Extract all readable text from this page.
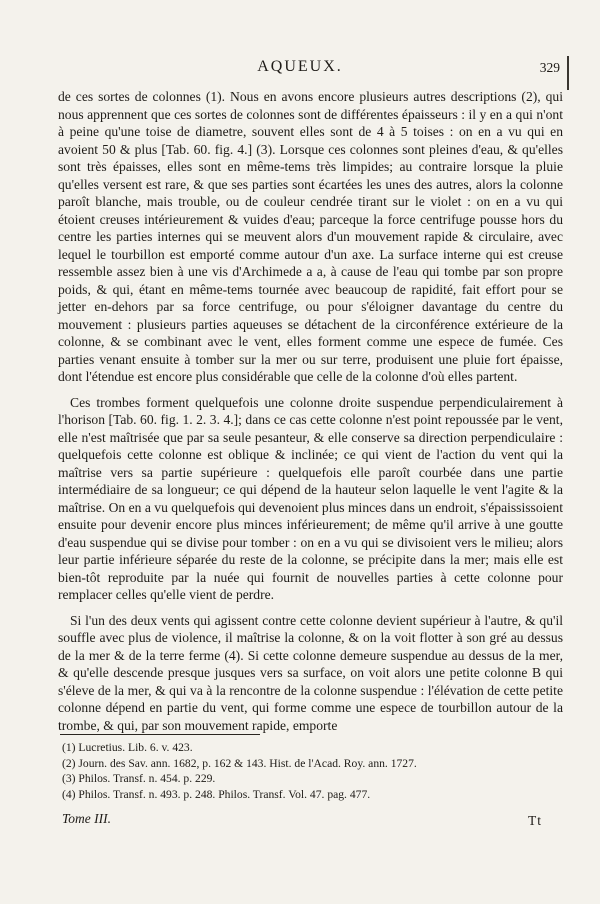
AQUEUX.	329

de ces sortes de colonnes (1). Nous en avons encore plusieurs autres descriptions (2), qui nous apprennent que ces sortes de colonnes sont de différentes épaisseurs : il y en a qui n'ont à peine qu'une toise de diametre, souvent elles sont de 4 à 5 toises : on en a vu qui en avoient 50 & plus [Tab. 60. fig. 4.] (3). Lorsque ces colonnes sont pleines d'eau, & qu'elles sont très épaisses, elles sont en même-tems très limpides; au contraire lorsque la pluie qu'elles versent est rare, & que ses parties sont écartées les unes des autres, alors la colonne paroît blanche, mais trouble, ou de couleur cendrée tirant sur le violet : on en a vu qui étoient creuses intérieurement & vuides d'eau; parceque la force centrifuge pousse hors du centre les parties internes qui se meuvent alors d'un mouvement rapide & circulaire, avec lequel le tourbillon est emporté comme autour d'un axe. La surface interne qui est creuse ressemble assez bien à une vis d'Archimede a a, à cause de l'eau qui tombe par son propre poids, & qui, étant en même-tems tournée avec beaucoup de rapidité, fait effort pour se jetter en-dehors par sa force centrifuge, ou pour s'éloigner davantage du centre du mouvement : plusieurs parties aqueuses se détachent de la circonférence extérieure de la colonne, & se combinant avec le vent, elles forment comme une espece de fumée. Ces parties venant ensuite à tomber sur la mer ou sur terre, produisent une pluie fort épaisse, dont l'étendue est encore plus considérable que celle de la colonne d'où elles partent.

Ces trombes forment quelquefois une colonne droite suspendue perpendiculairement à l'horison [Tab. 60. fig. 1. 2. 3. 4.]; dans ce cas cette colonne n'est point repoussée par le vent, elle n'est maîtrisée que par sa seule pesanteur, & elle conserve sa direction perpendiculaire : quelquefois cette colonne est oblique & inclinée; ce qui vient de l'action du vent qui la maîtrise vers sa partie supérieure : quelquefois elle paroît courbée dans une partie intermédiaire de sa longueur; ce qui dépend de la hauteur selon laquelle le vent l'agite & la maîtrise. On en a vu quelquefois qui devenoient plus minces dans un endroit, s'épaississoient ensuite pour devenir encore plus minces inférieurement; de même qu'il arrive à une goutte d'eau suspendue qui se divise pour tomber : on en a vu qui se divisoient vers le milieu; alors leur partie inférieure séparée du reste de la colonne, se précipite dans la mer; mais elle est bien-tôt reproduite par la nuée qui fournit de nouvelles parties à cette colonne pour remplacer celles qu'elle vient de perdre.

Si l'un des deux vents qui agissent contre cette colonne devient supérieur à l'autre, & qu'il souffle avec plus de violence, il maîtrise la colonne, & on la voit flotter à son gré au dessus de la mer & de la terre ferme (4). Si cette colonne demeure suspendue au dessus de la mer, & qu'elle descende presque jusques vers sa surface, on voit alors une petite colonne B qui s'éleve de la mer, & qui va à la rencontre de la colonne suspendue : l'élévation de cette petite colonne dépend en partie du vent, qui forme comme une espece de tourbillon autour de la trombe, & qui, par son mouvement rapide, emporte

(1) Lucretius. Lib. 6. v. 423.
(2) Journ. des Sav. ann. 1682, p. 162 & 143. Hist. de l'Acad. Roy. ann. 1727.
(3) Philos. Transf. n. 454. p. 229.
(4) Philos. Transf. n. 493. p. 248. Philos. Transf. Vol. 47. pag. 477.
Tome III.	Tt
